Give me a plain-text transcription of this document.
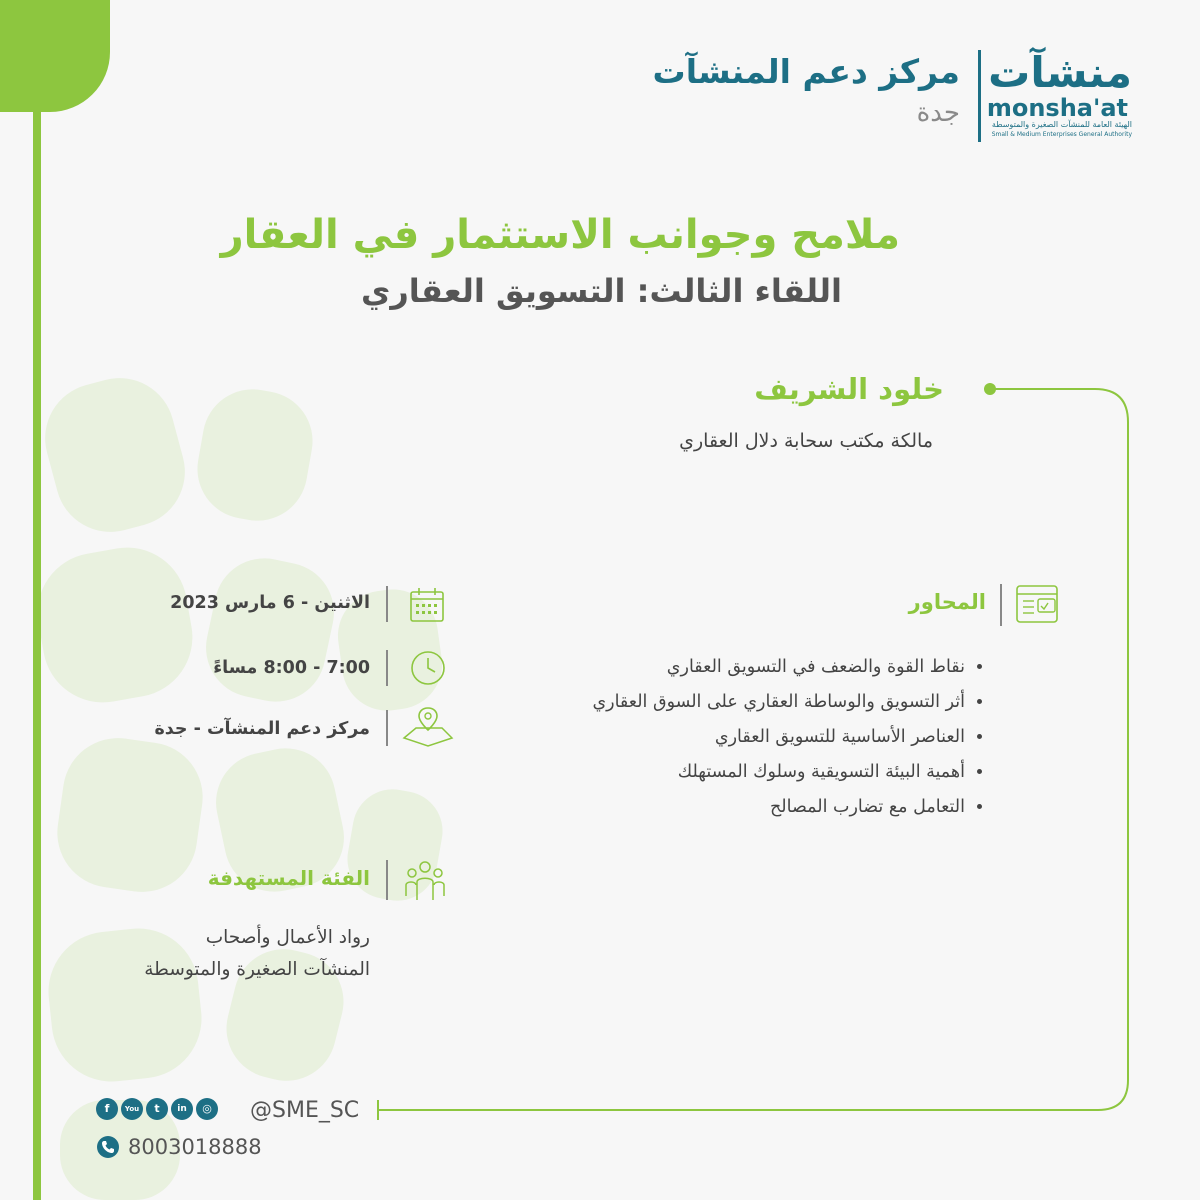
مركز دعم المنشآت
جدة
منشآت
monsha'at
الهيئة العامة للمنشآت الصغيرة والمتوسطة
Small & Medium Enterprises General Authority
ملامح وجوانب الاستثمار في العقار
اللقاء الثالث: التسويق العقاري
خلود الشريف
مالكة مكتب سحابة دلال العقاري
المحاور
• نقاط القوة والضعف في التسويق العقاري
• أثر التسويق والوساطة العقاري على السوق العقاري
• العناصر الأساسية للتسويق العقاري
• أهمية البيئة التسويقية وسلوك المستهلك
• التعامل مع تضارب المصالح
الاثنين - 6 مارس 2023
7:00 - 8:00 مساءً
مركز دعم المنشآت - جدة
الفئة المستهدفة
رواد الأعمال وأصحاب
المنشآت الصغيرة والمتوسطة
f	You	t	in	◎ @SME_SC
8003018888
